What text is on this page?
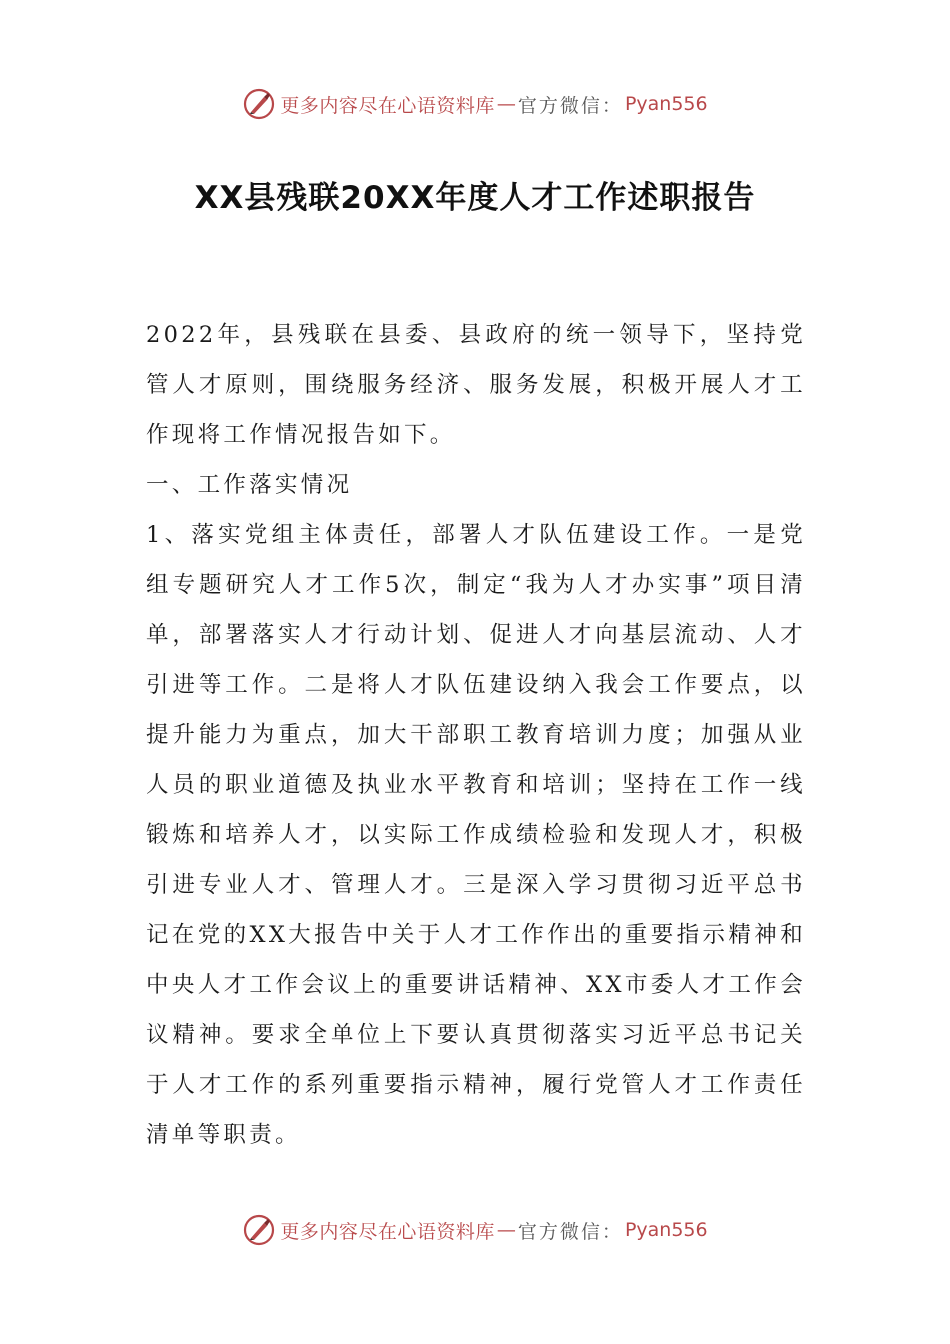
更多内容尽在心语资料库 — 官方微信： Pyan556
XX县残联20XX年度人才工作述职报告

2022年，县残联在县委、县政府的统一领导下，坚持党管人才原则，围绕服务经济、服务发展，积极开展人才工作现将工作情况报告如下。

一、工作落实情况

1、落实党组主体责任，部署人才队伍建设工作。一是党组专题研究人才工作5次，制定“我为人才办实事”项目清单，部署落实人才行动计划、促进人才向基层流动、人才引进等工作。二是将人才队伍建设纳入我会工作要点，以提升能力为重点，加大干部职工教育培训力度；加强从业人员的职业道德及执业水平教育和培训；坚持在工作一线锻炼和培养人才，以实际工作成绩检验和发现人才，积极引进专业人才、管理人才。三是深入学习贯彻习近平总书记在党的XX大报告中关于人才工作作出的重要指示精神和中央人才工作会议上的重要讲话精神、XX市委人才工作会议精神。要求全单位上下要认真贯彻落实习近平总书记关于人才工作的系列重要指示精神，履行党管人才工作责任清单等职责。

更多内容尽在心语资料库 — 官方微信： Pyan556
